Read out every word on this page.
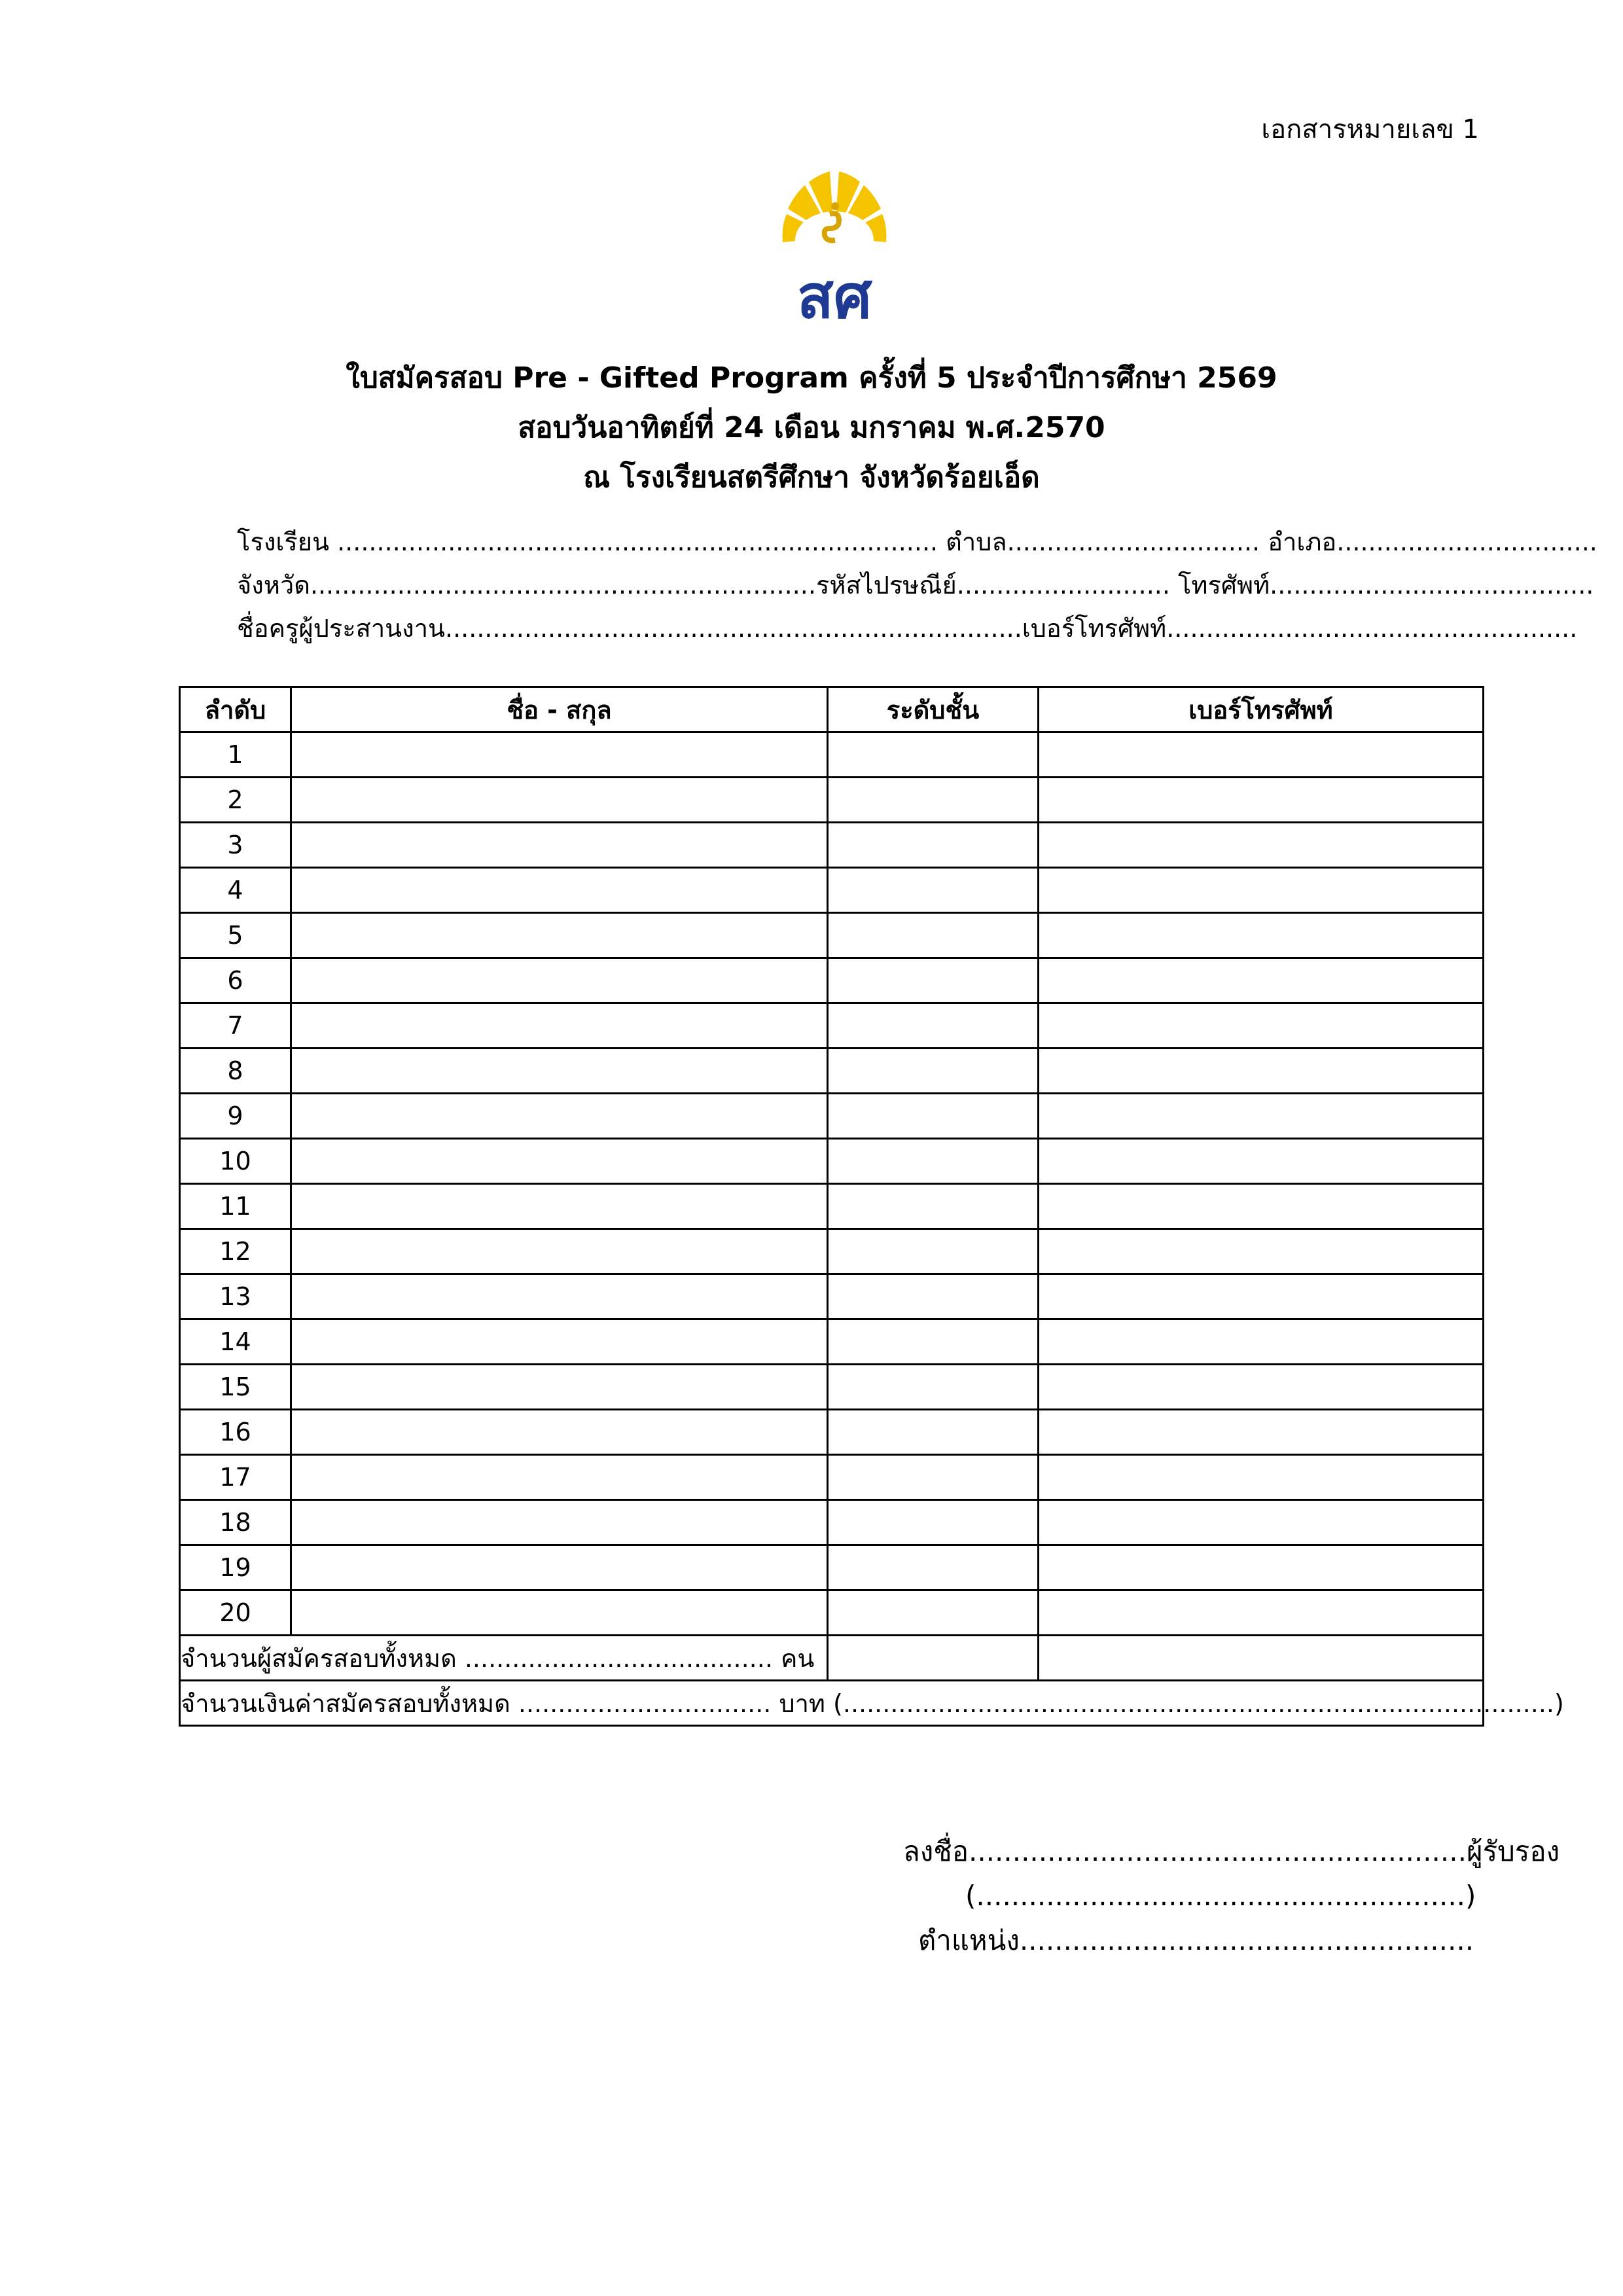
เอกสารหมายเลข 1
สศ
ใบสมัครสอบ Pre - Gifted Program ครั้งที่ 5 ประจำปีการศึกษา 2569
สอบวันอาทิตย์ที่ 24 เดือน มกราคม พ.ศ.2570
ณ โรงเรียนสตรีศึกษา จังหวัดร้อยเอ็ด
โรงเรียน ............................................................................ ตำบล................................ อำเภอ.................................
จังหวัด................................................................รหัสไปรษณีย์........................... โทรศัพท์.........................................
ชื่อครูผู้ประสานงาน.........................................................................เบอร์โทรศัพท์....................................................
ลำดับ	ชื่อ - สกุล	ระดับชั้น	เบอร์โทรศัพท์
1			
2			
3			
4			
5			
6			
7			
8			
9			
10			
11			
12			
13			
14			
15			
16			
17			
18			
19			
20			
จำนวนผู้สมัครสอบทั้งหมด ....................................... คน			
จำนวนเงินค่าสมัครสอบทั้งหมด ................................ บาท (..........................................................................................)			
ลงชื่อ.........................................................ผู้รับรอง
(........................................................)
ตำแหน่ง....................................................
